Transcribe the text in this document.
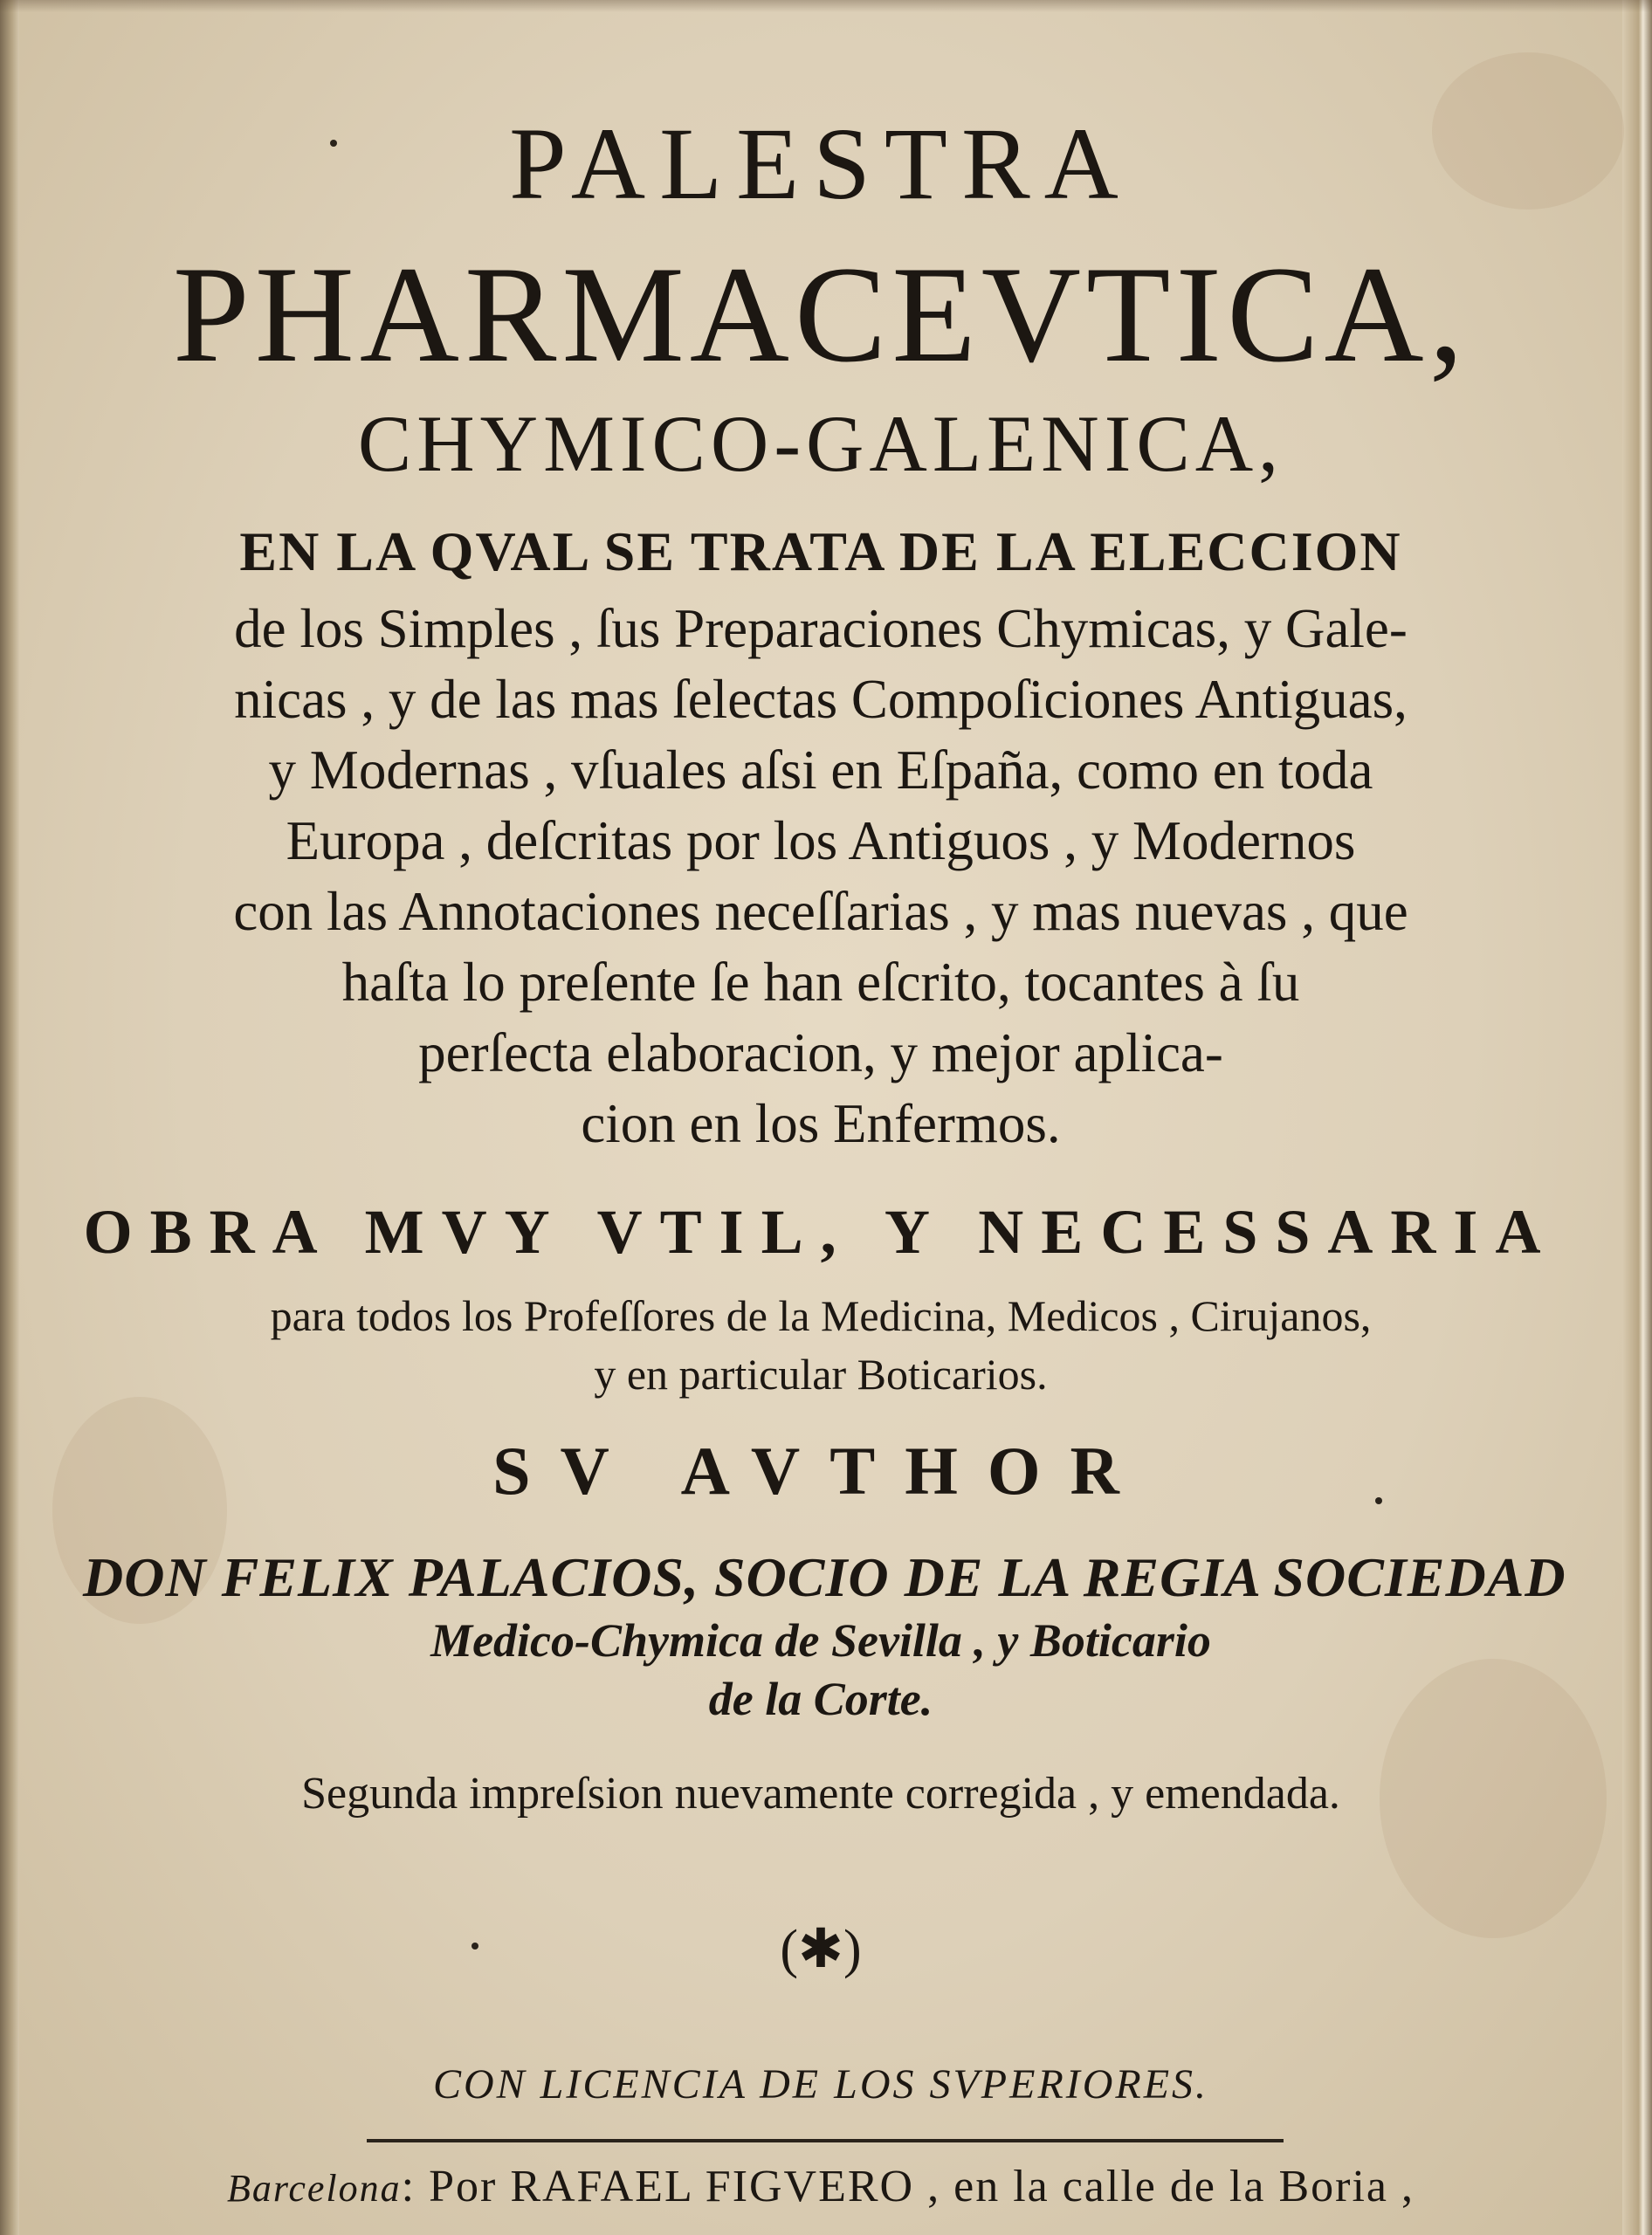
PALESTRA
PHARMACEVTICA,
CHYMICO-GALENICA,
EN LA QVAL SE TRATA DE LA ELECCION
de los Simples , ſus Preparaciones Chymicas, y Gale-
nicas , y de las mas ſelectas Compoſiciones Antiguas,
y Modernas , vſuales aſsi en Eſpaña, como en toda
Europa , deſcritas por los Antiguos , y Modernos
con las Annotaciones neceſſarias , y mas nuevas , que
haſta lo preſente ſe han eſcrito, tocantes à ſu
perſecta elaboracion, y mejor aplica-
cion en los Enfermos.
OBRA MVY VTIL, Y NECESSARIA
para todos los Profeſſores de la Medicina, Medicos , Cirujanos,
y en particular Boticarios.
SV AVTHOR
DON FELIX PALACIOS, SOCIO DE LA REGIA SOCIEDAD
Medico-Chymica de Sevilla , y Boticario
de la Corte.
Segunda impreſsion nuevamente corregida , y emendada.
(✱)
CON LICENCIA DE LOS SVPERIORES.
Barcelona: Por RAFAEL FIGVERO , en la calle de la Boria ,
